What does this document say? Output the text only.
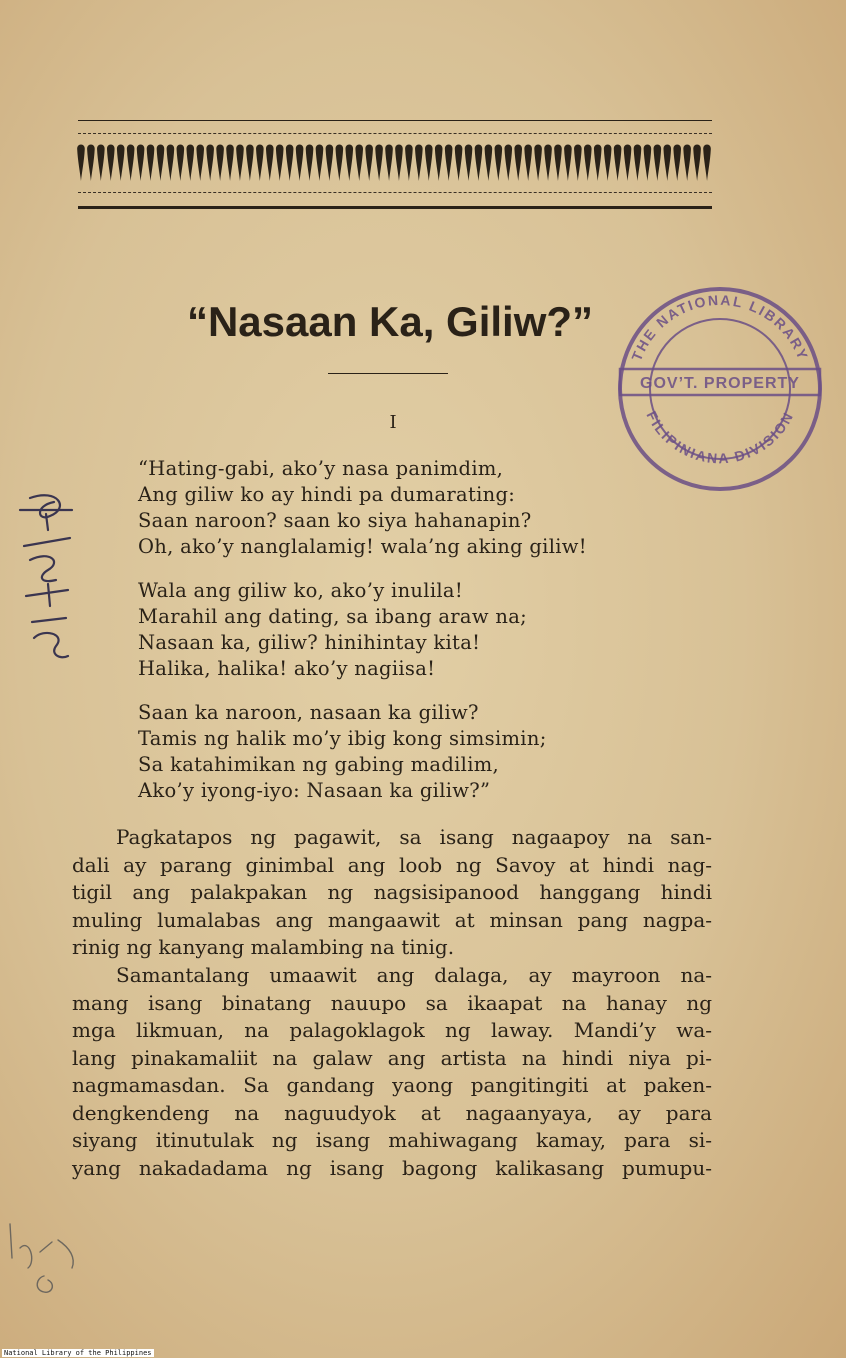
“Nasaan Ka, Giliw?”
I
“Hating-gabi, ako’y nasa panimdim,
Ang giliw ko ay hindi pa dumarating:
Saan naroon? saan ko siya hahanapin?
Oh, ako’y nanglalamig! wala’ng aking giliw!
Wala ang giliw ko, ako’y inulila!
Marahil ang dating, sa ibang araw na;
Nasaan ka, giliw? hinihintay kita!
Halika, halika! ako’y nagiisa!
Saan ka naroon, nasaan ka giliw?
Tamis ng halik mo’y ibig kong simsimin;
Sa katahimikan ng gabing madilim,
Ako’y iyong-iyo: Nasaan ka giliw?”
Pagkatapos ng pagawit, sa isang nagaapoy na san-
dali ay parang ginimbal ang loob ng Savoy at hindi nag-
tigil ang palakpakan ng nagsisipanood hanggang hindi
muling lumalabas ang mangaawit at minsan pang nagpa-
rinig ng kanyang malambing na tinig.
Samantalang umaawit ang dalaga, ay mayroon na-
mang isang binatang nauupo sa ikaapat na hanay ng
mga likmuan, na palagoklagok ng laway. Mandi’y wa-
lang pinakamaliit na galaw ang artista na hindi niya pi-
nagmamasdan. Sa gandang yaong pangitingiti at paken-
dengkendeng na naguudyok at nagaanyaya, ay para
siyang itinutulak ng isang mahiwagang kamay, para si-
yang nakadadama ng isang bagong kalikasang pumupu-
THE NATIONAL LIBRARY
GOV’T. PROPERTY
FILIPINIANA DIVISION
National Library of the Philippines
